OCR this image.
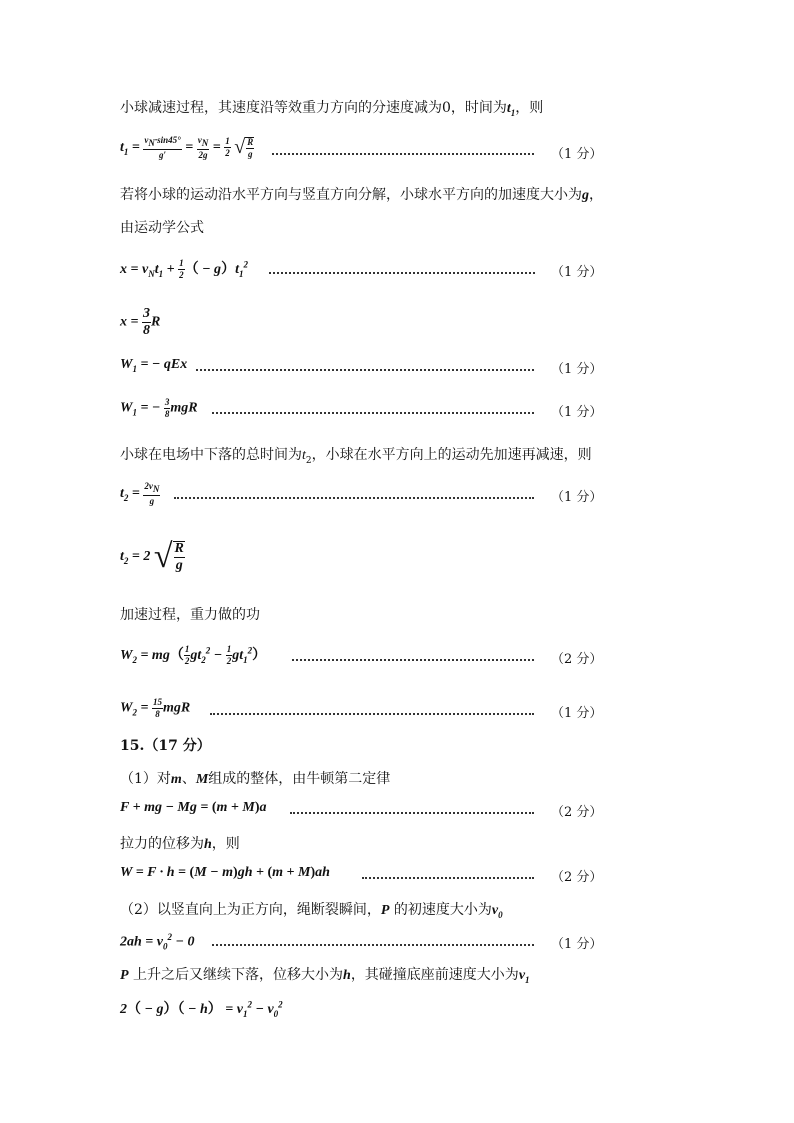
小球减速过程，其速度沿等效重力方向的分速度减为0，时间为$t_1$，则
$t_1 = \frac{v_N\cdot\sin 45^\circ}{g'} = \frac{v_N}{2g} = \frac{1}{2}$ √ $\frac{R}{g}$	（1 分）
若将小球的运动沿水平方向与竖直方向分解，小球水平方向的加速度大小为g，
由运动学公式
$x = v_Nt_1 + \frac{1}{2}$ （ − $g)t_1^2$
（1 分）
$x = \frac{3}{8}$ R
$W_1$ = − qEx	（1 分）
$W_1$ = − $\frac{3}{8}$ mgR	（1 分）
小球在电场中下落的总时间为$t_2$，小球在水平方向上的运动先加速再减速，则
$t_2 = \frac{2v_N}{g}$	（1 分）
$t_2 = 2$ √ $\frac{R}{g}$
加速过程，重力做的功
$W_2 = mg( \frac{1}{2} gt_2^2 - \frac{1}{2} gt_1^2)$	（2 分）
$W_2 = \frac{15}{8}$ mgR	（1 分）
15.（17 分）
（1）对m、M组成的整体，由牛顿第二定律
F + mg − Mg = (m + M)a	（2 分）
拉力的位移为h，则
W = F · h = (M − m)gh + (m + M)ah	（2 分）
（2）以竖直向上为正方向，绳断裂瞬间，P 的初速度大小为$v_0$
$2ah = v_0^2 - 0$	（1 分）
P 上升之后又继续下落，位移大小为h，其碰撞底座前速度大小为$v_1$
$2( - g)( - h) = v_1^2 - v_0^2$
